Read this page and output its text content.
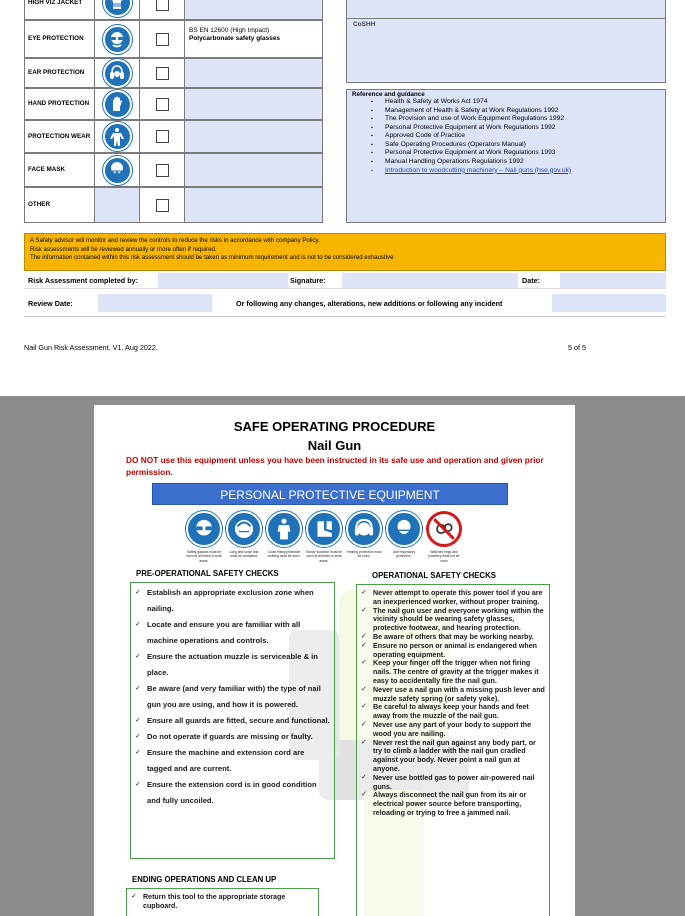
HIGH VIZ JACKET
EYE PROTECTION
BS EN 12600 (High Impact)
Polycarbonate safety glasses
EAR PROTECTION
HAND PROTECTION
PROTECTION WEAR
FACE MASK
OTHER
CoSHH
Reference and guidance
▪ Health & Safety at Works Act 1974
▪ Management of Health & Safety at Work Regulations 1992
▪ The Provision and use of Work Equipment Regulations 1992
▪ Personal Protective Equipment at Work Regulations 1992
▪ Approved Code of Practice
▪ Safe Operating Procedures (Operators Manual)
▪ Personal Protective Equipment at Work Regulations 1993
▪ Manual Handling Operations Regulations 1992
▪ Introduction to woodcutting machinery – Nail guns (hse.gov.uk)
A Safety advisor will monitor and review the controls to reduce the risks in accordance with company Policy.
Risk assessments will be reviewed annually or more often if required.
The information contained within this risk assessment should be taken as minimum requirement and is not to be considered exhaustive
Risk Assessment completed by:	Signature:	Date:
Review Date:	Or following any changes, alterations, new additions or following any incident
Nail Gun Risk Assessment. V1. Aug 2022.	5 of 5
SAFE OPERATING PROCEDURE
Nail Gun
DO NOT use this equipment unless you have been instructed in its safe use and operation and given prior permission.
PERSONAL PROTECTIVE EQUIPMENT
Safety glasses must be worn at all times in work areas.
Long and loose hair must be contained.
Close fitting/protective clothing must be worn.
Sturdy footwear must be worn at all times in work areas.
Hearing protection must be used.
Use respiratory protection.
Watches rings and jewellery must not be worn
PRE-OPERATIONAL SAFETY CHECKS
✓ Establish an appropriate exclusion zone when nailing.
✓ Locate and ensure you are familiar with all machine operations and controls.
✓ Ensure the actuation muzzle is serviceable & in place.
✓ Be aware (and very familiar with) the type of nail gun you are using, and how it is powered.
✓ Ensure all guards are fitted, secure and functional.
✓ Do not operate if guards are missing or faulty.
✓ Ensure the machine and extension cord are tagged and are current.
✓ Ensure the extension cord is in good condition and fully uncoiled.
ENDING OPERATIONS AND CLEAN UP
✓ Return this tool to the appropriate storage cupboard.
OPERATIONAL SAFETY CHECKS
✓ Never attempt to operate this power tool if you are an inexperienced worker, without proper training.
✓ The nail gun user and everyone working within the vicinity should be wearing safety glasses, protective footwear, and hearing protection.
✓ Be aware of others that may be working nearby.
✓ Ensure no person or animal is endangered when operating equipment.
✓ Keep your finger off the trigger when not firing nails. The centre of gravity at the trigger makes it easy to accidentally fire the nail gun.
✓ Never use a nail gun with a missing push lever and muzzle safety spring (or safety yoke).
✓ Be careful to always keep your hands and feet away from the muzzle of the nail gun.
✓ Never use any part of your body to support the wood you are nailing.
✓ Never rest the nail gun against any body part, or try to climb a ladder with the nail gun cradled against your body. Never point a nail gun at anyone.
✓ Never use bottled gas to power air-powered nail guns.
✓ Always disconnect the nail gun from its air or electrical power source before transporting, reloading or trying to free a jammed nail.
